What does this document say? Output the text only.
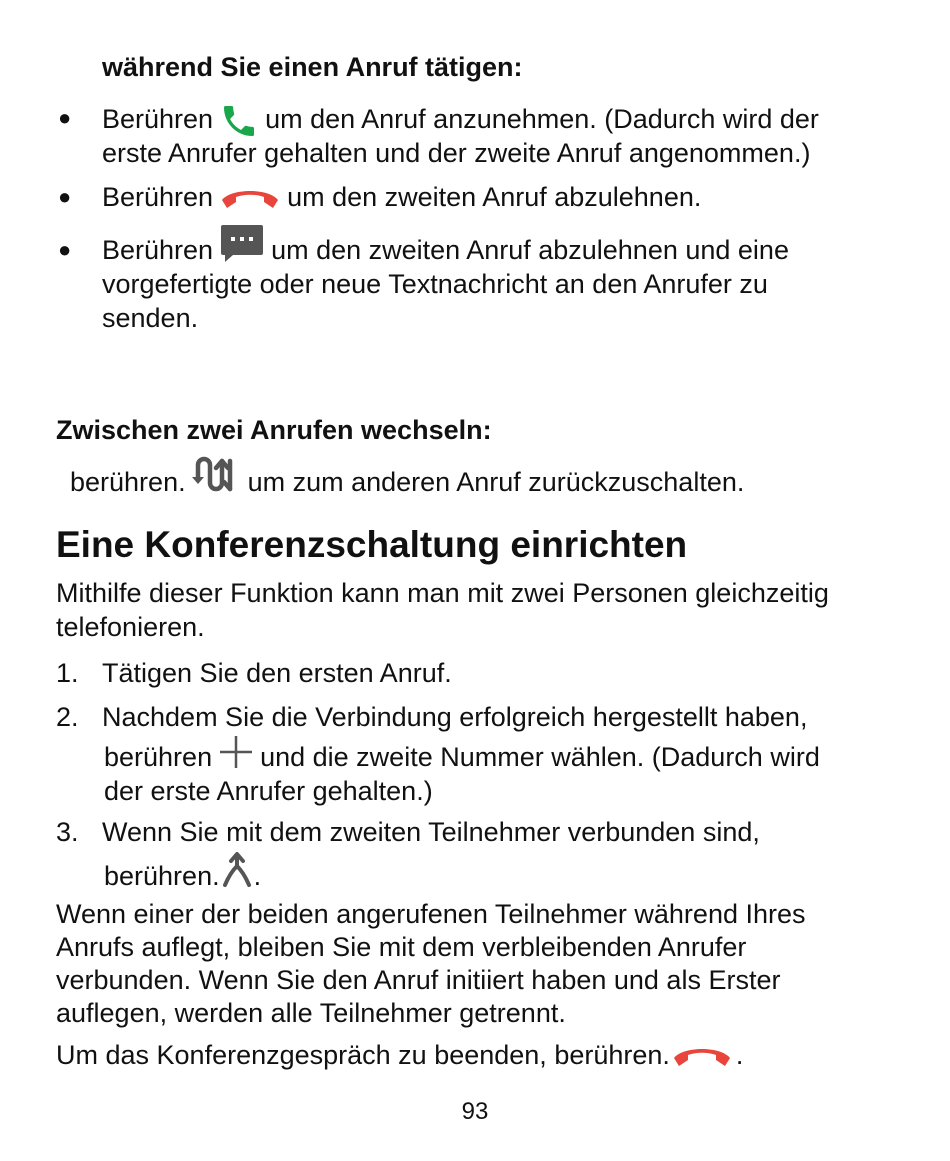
während Sie einen Anruf tätigen:
● Berühren um den Anruf anzunehmen. (Dadurch wird der
erste Anrufer gehalten und der zweite Anruf angenommen.)
● Berühren	um den zweiten Anruf abzulehnen.
● Berühren um den zweiten Anruf abzulehnen und eine
vorgefertigte oder neue Textnachricht an den Anrufer zu
senden.
Zwischen zwei Anrufen wechseln:
berühren. um zum anderen Anruf zurückzuschalten.
Eine Konferenzschaltung einrichten
Mithilfe dieser Funktion kann man mit zwei Personen gleichzeitig
telefonieren.
1. Tätigen Sie den ersten Anruf.
2. Nachdem Sie die Verbindung erfolgreich hergestellt haben,
berühren und die zweite Nummer wählen. (Dadurch wird
der erste Anrufer gehalten.)
3. Wenn Sie mit dem zweiten Teilnehmer verbunden sind,
berühren. .
Wenn einer der beiden angerufenen Teilnehmer während Ihres
Anrufs auflegt, bleiben Sie mit dem verbleibenden Anrufer
verbunden. Wenn Sie den Anruf initiiert haben und als Erster
auflegen, werden alle Teilnehmer getrennt.
Um das Konferenzgespräch zu beenden, berühren. .
93
